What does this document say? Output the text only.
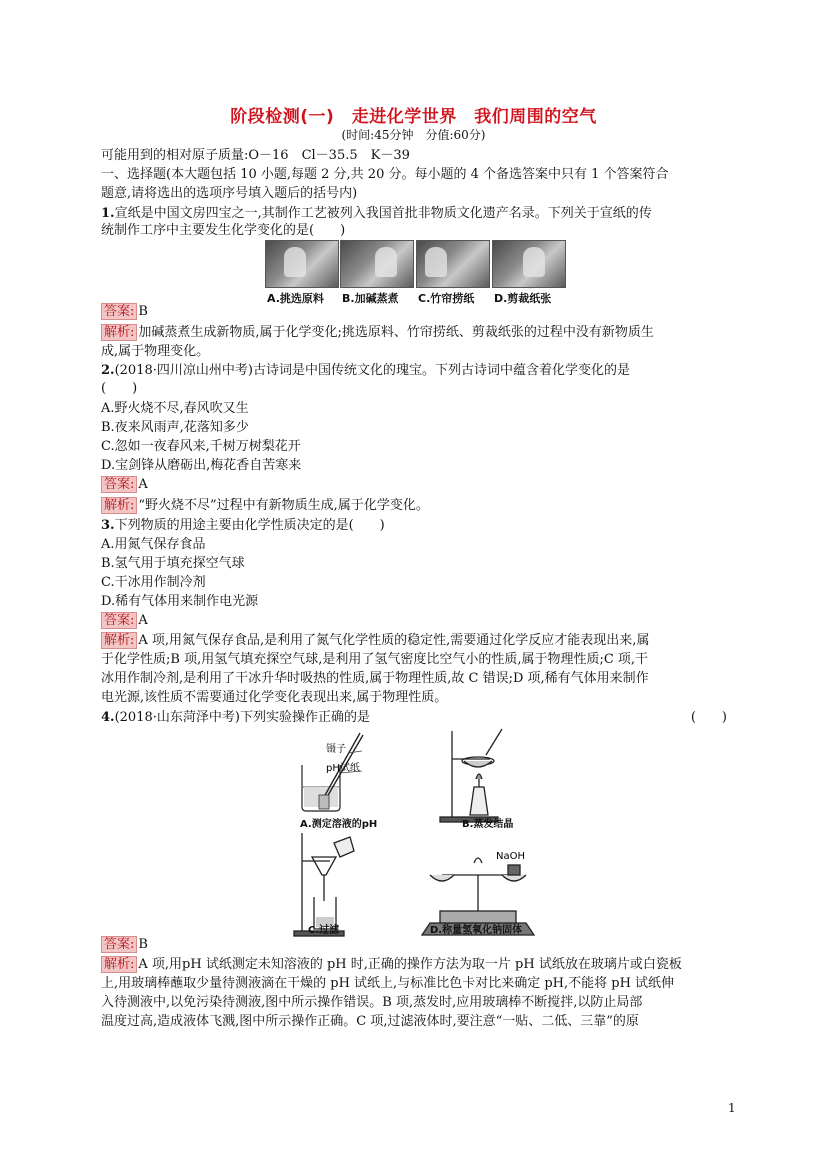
阶段检测(一)　走进化学世界　我们周围的空气
(时间:45分钟　分值:60分)
可能用到的相对原子质量:O－16　Cl－35.5　K－39
一、选择题(本大题包括 10 小题,每题 2 分,共 20 分。每小题的 4 个备选答案中只有 1 个答案符合
题意,请将选出的选项序号填入题后的括号内)
1.宣纸是中国文房四宝之一,其制作工艺被列入我国首批非物质文化遗产名录。下列关于宣纸的传
统制作工序中主要发生化学变化的是(　　)
A.挑选原料	B.加碱蒸煮	C.竹帘捞纸	D.剪裁纸张
答案: B
解析: 加碱蒸煮生成新物质,属于化学变化;挑选原料、竹帘捞纸、剪裁纸张的过程中没有新物质生
成,属于物理变化。
2.(2018·四川凉山州中考)古诗词是中国传统文化的瑰宝。下列古诗词中蕴含着化学变化的是
(　　)
A.野火烧不尽,春风吹又生
B.夜来风雨声,花落知多少
C.忽如一夜春风来,千树万树梨花开
D.宝剑锋从磨砺出,梅花香自苦寒来
答案: A
解析: “野火烧不尽”过程中有新物质生成,属于化学变化。
3.下列物质的用途主要由化学性质决定的是(　　)
A.用氮气保存食品
B.氢气用于填充探空气球
C.干冰用作制冷剂
D.稀有气体用来制作电光源
答案: A
解析: A 项,用氮气保存食品,是利用了氮气化学性质的稳定性,需要通过化学反应才能表现出来,属
于化学性质;B 项,用氢气填充探空气球,是利用了氢气密度比空气小的性质,属于物理性质;C 项,干
冰用作制冷剂,是利用了干冰升华时吸热的性质,属于物理性质,故 C 错误;D 项,稀有气体用来制作
电光源,该性质不需要通过化学变化表现出来,属于物理性质。
4.(2018·山东菏泽中考)下列实验操作正确的是	(　　)
镊子
pH试纸
NaOH
A.测定溶液的pH	B.蒸发结晶
C.过滤	D.称量氢氧化钠固体
答案: B
解析: A 项,用pH 试纸测定未知溶液的 pH 时,正确的操作方法为取一片 pH 试纸放在玻璃片或白瓷板
上,用玻璃棒蘸取少量待测液滴在干燥的 pH 试纸上,与标准比色卡对比来确定 pH,不能将 pH 试纸伸
入待测液中,以免污染待测液,图中所示操作错误。B 项,蒸发时,应用玻璃棒不断搅拌,以防止局部
温度过高,造成液体飞溅,图中所示操作正确。C 项,过滤液体时,要注意“一贴、二低、三靠”的原
1
